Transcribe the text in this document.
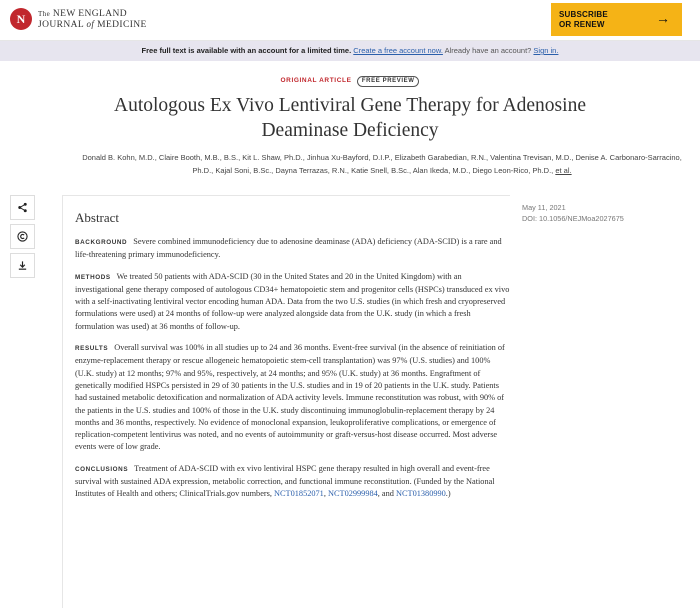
N	The NEW ENGLAND
JOURNAL of MEDICINE
SUBSCRIBE
OR RENEW	→
Free full text is available with an account for a limited time. Create a free account now. Already have an account? Sign in.
ORIGINAL ARTICLE FREE PREVIEW
Autologous Ex Vivo Lentiviral Gene Therapy for Adenosine Deaminase Deficiency
Donald B. Kohn, M.D., Claire Booth, M.B., B.S., Kit L. Shaw, Ph.D., Jinhua Xu-Bayford, D.I.P., Elizabeth Garabedian, R.N., Valentina Trevisan, M.D., Denise A. Carbonaro-Sarracino, Ph.D., Kajal Soni, B.Sc., Dayna Terrazas, R.N., Katie Snell, B.Sc., Alan Ikeda, M.D., Diego Leon-Rico, Ph.D., et al.
Abstract

BACKGROUND Severe combined immunodeficiency due to adenosine deaminase (ADA) deficiency (ADA-SCID) is a rare and life-threatening primary immunodeficiency.

METHODS We treated 50 patients with ADA-SCID (30 in the United States and 20 in the United Kingdom) with an investigational gene therapy composed of autologous CD34+ hematopoietic stem and progenitor cells (HSPCs) transduced ex vivo with a self-inactivating lentiviral vector encoding human ADA. Data from the two U.S. studies (in which fresh and cryopreserved formulations were used) at 24 months of follow-up were analyzed alongside data from the U.K. study (in which a fresh formulation was used) at 36 months of follow-up.

RESULTS Overall survival was 100% in all studies up to 24 and 36 months. Event-free survival (in the absence of reinitiation of enzyme-replacement therapy or rescue allogeneic hematopoietic stem-cell transplantation) was 97% (U.S. studies) and 100% (U.K. study) at 12 months; 97% and 95%, respectively, at 24 months; and 95% (U.K. study) at 36 months. Engraftment of genetically modified HSPCs persisted in 29 of 30 patients in the U.S. studies and in 19 of 20 patients in the U.K. study. Patients had sustained metabolic detoxification and normalization of ADA activity levels. Immune reconstitution was robust, with 90% of the patients in the U.S. studies and 100% of those in the U.K. study discontinuing immunoglobulin-replacement therapy by 24 months and 36 months, respectively. No evidence of monoclonal expansion, leukoproliferative complications, or emergence of replication-competent lentivirus was noted, and no events of autoimmunity or graft-versus-host disease occurred. Most adverse events were of low grade.

CONCLUSIONS Treatment of ADA-SCID with ex vivo lentiviral HSPC gene therapy resulted in high overall and event-free survival with sustained ADA expression, metabolic correction, and functional immune reconstitution. (Funded by the National Institutes of Health and others; ClinicalTrials.gov numbers, NCT01852071, NCT02999984, and NCT01380990.)

May 11, 2021
DOI: 10.1056/NEJMoa2027675
